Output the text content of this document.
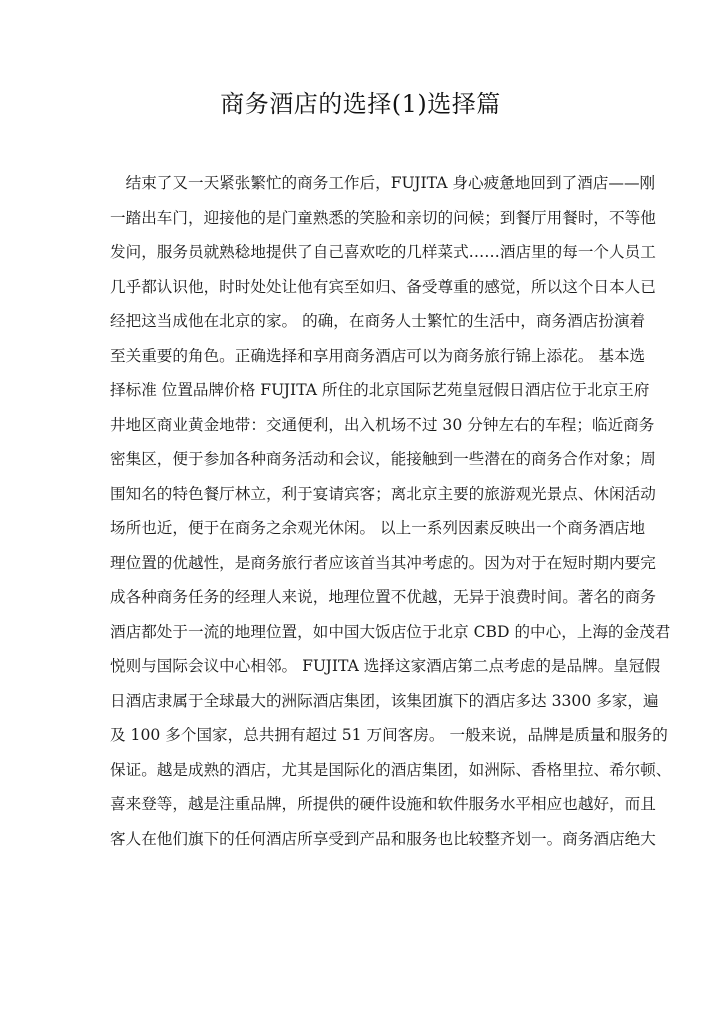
商务酒店的选择(1)选择篇
　结束了又一天紧张繁忙的商务工作后，FUJITA 身心疲惫地回到了酒店——刚
一踏出车门，迎接他的是门童熟悉的笑脸和亲切的问候；到餐厅用餐时，不等他
发问，服务员就熟稔地提供了自己喜欢吃的几样菜式……酒店里的每一个人员工
几乎都认识他，时时处处让他有宾至如归、备受尊重的感觉，所以这个日本人已
经把这当成他在北京的家。 的确，在商务人士繁忙的生活中，商务酒店扮演着
至关重要的角色。正确选择和享用商务酒店可以为商务旅行锦上添花。 基本选
择标准 位置品牌价格 FUJITA 所住的北京国际艺苑皇冠假日酒店位于北京王府
井地区商业黄金地带：交通便利，出入机场不过 30 分钟左右的车程；临近商务
密集区，便于参加各种商务活动和会议，能接触到一些潜在的商务合作对象；周
围知名的特色餐厅林立，利于宴请宾客；离北京主要的旅游观光景点、休闲活动
场所也近，便于在商务之余观光休闲。 以上一系列因素反映出一个商务酒店地
理位置的优越性，是商务旅行者应该首当其冲考虑的。因为对于在短时期内要完
成各种商务任务的经理人来说，地理位置不优越，无异于浪费时间。著名的商务
酒店都处于一流的地理位置，如中国大饭店位于北京 CBD 的中心，上海的金茂君
悦则与国际会议中心相邻。 FUJITA 选择这家酒店第二点考虑的是品牌。皇冠假
日酒店隶属于全球最大的洲际酒店集团，该集团旗下的酒店多达 3300 多家，遍
及 100 多个国家，总共拥有超过 51 万间客房。 一般来说，品牌是质量和服务的
保证。越是成熟的酒店，尤其是国际化的酒店集团，如洲际、香格里拉、希尔顿、
喜来登等，越是注重品牌，所提供的硬件设施和软件服务水平相应也越好，而且
客人在他们旗下的任何酒店所享受到产品和服务也比较整齐划一。商务酒店绝大
